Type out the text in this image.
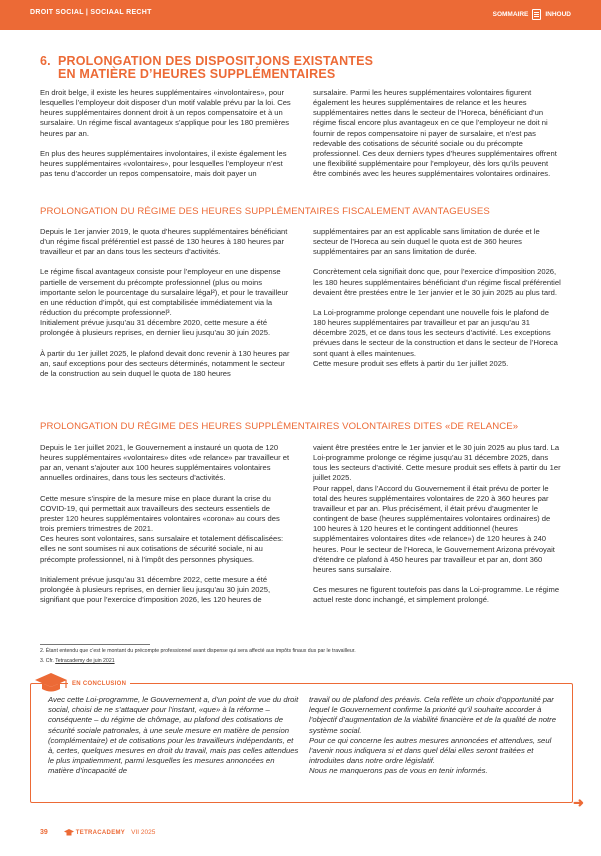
DROIT SOCIAL | SOCIAAL RECHT	SOMMAIRE	INHOUD
6. PROLONGATION DES DISPOSITJONS EXISTANTES
EN MATIÈRE D’HEURES SUPPLÉMENTAIRES

En droit belge, il existe les heures supplémentaires «involontaires», pour lesquelles l’employeur doit disposer d’un motif valable prévu par la loi. Ces heures supplémentaires donnent droit à un repos compensatoire et à un sursalaire. Un régime fiscal avantageux s’applique pour les 180 premières heures par an.

En plus des heures supplémentaires involontaires, il existe également les heures supplémentaires «volontaires», pour lesquelles l’employeur n’est pas tenu d’accorder un repos compensatoire, mais doit payer un

sursalaire. Parmi les heures supplémentaires volontaires figurent également les heures supplémentaires de relance et les heures supplémentaires nettes dans le secteur de l’Horeca, bénéficiant d’un régime fiscal encore plus avantageux en ce que l’employeur ne doit ni fournir de repos compensatoire ni payer de sursalaire, et n’est pas redevable des cotisations de sécurité sociale ou du précompte professionnel. Ces deux derniers types d’heures supplémentaires offrent une flexibilité supplémentaire pour l’employeur, dès lors qu’ils peuvent être combinés avec les heures supplémentaires volontaires ordinaires.

PROLONGATION DU RÉGIME DES HEURES SUPPLÉMENTAIRES FISCALEMENT AVANTAGEUSES

Depuis le 1er janvier 2019, le quota d’heures supplémentaires bénéficiant d’un régime fiscal préférentiel est passé de 130 heures à 180 heures par travailleur et par an dans tous les secteurs d’activités.

Le régime fiscal avantageux consiste pour l’employeur en une dispense partielle de versement du précompte professionnel (plus ou moins importante selon le pourcentage du sursalaire légal²), et pour le travailleur en une réduction d’impôt, qui est comptabilisée immédiatement via la réduction du précompte professionnel³.

Initialement prévue jusqu’au 31 décembre 2020, cette mesure a été prolongée à plusieurs reprises, en dernier lieu jusqu’au 30 juin 2025.

À partir du 1er juillet 2025, le plafond devait donc revenir à 130 heures par an, sauf exceptions pour des secteurs déterminés, notamment le secteur de la construction au sein duquel le quota de 180 heures

supplémentaires par an est applicable sans limitation de durée et le secteur de l’Horeca au sein duquel le quota est de 360 heures supplémentaires par an sans limitation de durée.

Concrètement cela signifiait donc que, pour l’exercice d’imposition 2026, les 180 heures supplémentaires bénéficiant d’un régime fiscal préférentiel devaient être prestées entre le 1er janvier et le 30 juin 2025 au plus tard.

La Loi-programme prolonge cependant une nouvelle fois le plafond de 180 heures supplémentaires par travailleur et par an jusqu’au 31 décembre 2025, et ce dans tous les secteurs d’activité. Les exceptions prévues dans le secteur de la construction et dans le secteur de l’Horeca sont quant à elles maintenues.

Cette mesure produit ses effets à partir du 1er juillet 2025.

PROLONGATION DU RÉGIME DES HEURES SUPPLÉMENTAIRES VOLONTAIRES DITES «DE RELANCE»

Depuis le 1er juillet 2021, le Gouvernement a instauré un quota de 120 heures supplémentaires «volontaires» dites «de relance» par travailleur et par an, venant s’ajouter aux 100 heures supplémentaires volontaires annuelles ordinaires, dans tous les secteurs d’activités.

Cette mesure s’inspire de la mesure mise en place durant la crise du COVID-19, qui permettait aux travailleurs des secteurs essentiels de prester 120 heures supplémentaires volontaires «corona» au cours des trois premiers trimestres de 2021.

Ces heures sont volontaires, sans sursalaire et totalement défiscalisées: elles ne sont soumises ni aux cotisations de sécurité sociale, ni au précompte professionnel, ni à l’impôt des personnes physiques.

Initialement prévue jusqu’au 31 décembre 2022, cette mesure a été prolongée à plusieurs reprises, en dernier lieu jusqu’au 30 juin 2025, signifiant que pour l’exercice d’imposition 2026, les 120 heures de

vaient être prestées entre le 1er janvier et le 30 juin 2025 au plus tard. La Loi-programme prolonge ce régime jusqu’au 31 décembre 2025, dans tous les secteurs d’activité. Cette mesure produit ses effets à partir du 1er juillet 2025.

Pour rappel, dans l’Accord du Gouvernement il était prévu de porter le total des heures supplémentaires volontaires de 220 à 360 heures par travailleur et par an. Plus précisément, il était prévu d’augmenter le contingent de base (heures supplémentaires volontaires ordinaires) de 100 heures à 120 heures et le contingent additionnel (heures supplémentaires volontaires dites «de relance») de 120 heures à 240 heures. Pour le secteur de l’Horeca, le Gouvernement Arizona prévoyait d’étendre ce plafond à 450 heures par travailleur et par an, dont 360 heures sans sursalaire.

Ces mesures ne figurent toutefois pas dans la Loi-programme. Le régime actuel reste donc inchangé, et simplement prolongé.

2. Étant entendu que c’est le montant du précompte professionnel avant dispense qui sera affecté aux impôts finaux dus par le travailleur.
3. Cfr. Tetracademy de juin 2021
EN CONCLUSION

Avec cette Loi-programme, le Gouvernement a, d’un point de vue du droit social, choisi de ne s’attaquer pour l’instant, «que» à la réforme – conséquente – du régime de chômage, au plafond des cotisations de sécurité sociale patronales, à une seule mesure en matière de pension (complémentaire) et de cotisations pour les travailleurs indépendants, et à, certes, quelques mesures en droit du travail, mais pas celles attendues le plus impatiemment, parmi lesquelles les mesures annoncées en matière d’incapacité de

travail ou de plafond des préavis. Cela reflète un choix d’opportunité par lequel le Gouvernement confirme la priorité qu’il souhaite accorder à l’objectif d’augmentation de la viabilité financière et de la qualité de notre système social.

Pour ce qui concerne les autres mesures annoncées et attendues, seul l’avenir nous indiquera si et dans quel délai elles seront traitées et introduites dans notre ordre législatif.

Nous ne manquerons pas de vous en tenir informés.

➜
39	TETRACADEMY VII 2025
